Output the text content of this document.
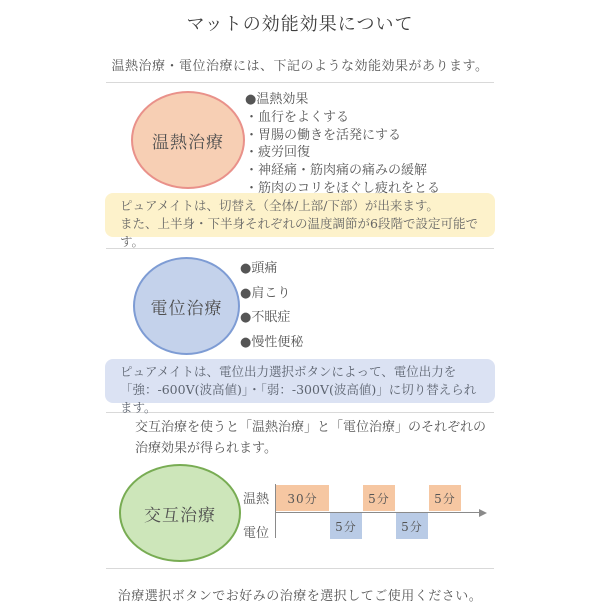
マットの効能効果について

温熱治療・電位治療には、下記のような効能効果があります。

温熱治療
●温熱効果
・血行をよくする
・胃腸の働きを活発にする
・疲労回復
・神経痛・筋肉痛の痛みの緩解
・筋肉のコリをほぐし疲れをとる
ピュアメイトは、切替え（全体/上部/下部）が出来ます。
また、上半身・下半身それぞれの温度調節が6段階で設定可能です。
電位治療
●頭痛
●肩こり
●不眠症
●慢性便秘
ピュアメイトは、電位出力選択ボタンによって、電位出力を
「強：-600V(波高値)」・「弱：-300V(波高値)」に切り替えられます。
交互治療を使うと「温熱治療」と「電位治療」のそれぞれの
治療効果が得られます。
交互治療
温熱
電位
30分
5分
5分
5分
5分

治療選択ボタンでお好みの治療を選択してご使用ください。
